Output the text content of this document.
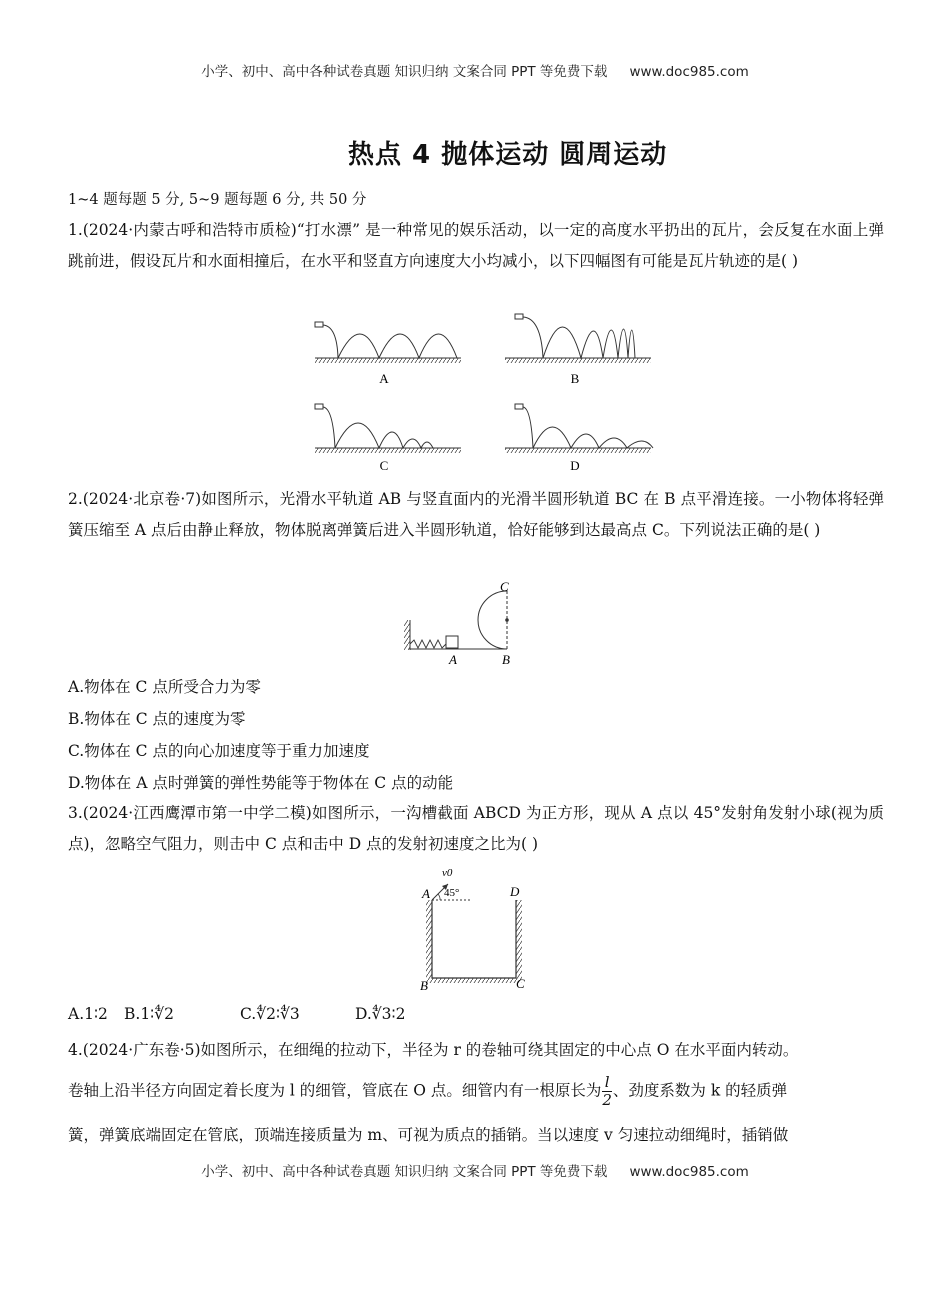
小学、初中、高中各种试卷真题 知识归纳 文案合同 PPT 等免费下载 www.doc985.com
热点 4 抛体运动 圆周运动
1~4 题每题 5 分, 5~9 题每题 6 分, 共 50 分
1.(2024·内蒙古呼和浩特市质检)“打水漂” 是一种常见的娱乐活动，以一定的高度水平扔出的瓦片，会反复在水面上弹跳前进，假设瓦片和水面相撞后，在水平和竖直方向速度大小均减小，以下四幅图有可能是瓦片轨迹的是( )
A	B
C	D
2.(2024·北京卷·7)如图所示，光滑水平轨道 AB 与竖直面内的光滑半圆形轨道 BC 在 B 点平滑连接。一小物体将轻弹簧压缩至 A 点后由静止释放，物体脱离弹簧后进入半圆形轨道，恰好能够到达最高点 C。下列说法正确的是( )
C
A	B
A.物体在 C 点所受合力为零
B.物体在 C 点的速度为零
C.物体在 C 点的向心加速度等于重力加速度
D.物体在 A 点时弹簧的弹性势能等于物体在 C 点的动能
3.(2024·江西鹰潭市第一中学二模)如图所示，一沟槽截面 ABCD 为正方形，现从 A 点以 45°发射角发射小球(视为质点)，忽略空气阻力，则击中 C 点和击中 D 点的发射初速度之比为( )
v0
A 45°	D
B	C
A.1∶2 B.1∶∜2	C.∜2∶∜3	D.∜3∶2
4.(2024·广东卷·5)如图所示，在细绳的拉动下，半径为 r 的卷轴可绕其固定的中心点 O 在水平面内转动。
卷轴上沿半径方向固定着长度为 l 的细管，管底在 O 点。细管内有一根原长为 $\frac{l}{2}$ 、劲度系数为 k 的轻质弹
簧，弹簧底端固定在管底，顶端连接质量为 m、可视为质点的插销。当以速度 v 匀速拉动细绳时，插销做
小学、初中、高中各种试卷真题 知识归纳 文案合同 PPT 等免费下载 www.doc985.com
